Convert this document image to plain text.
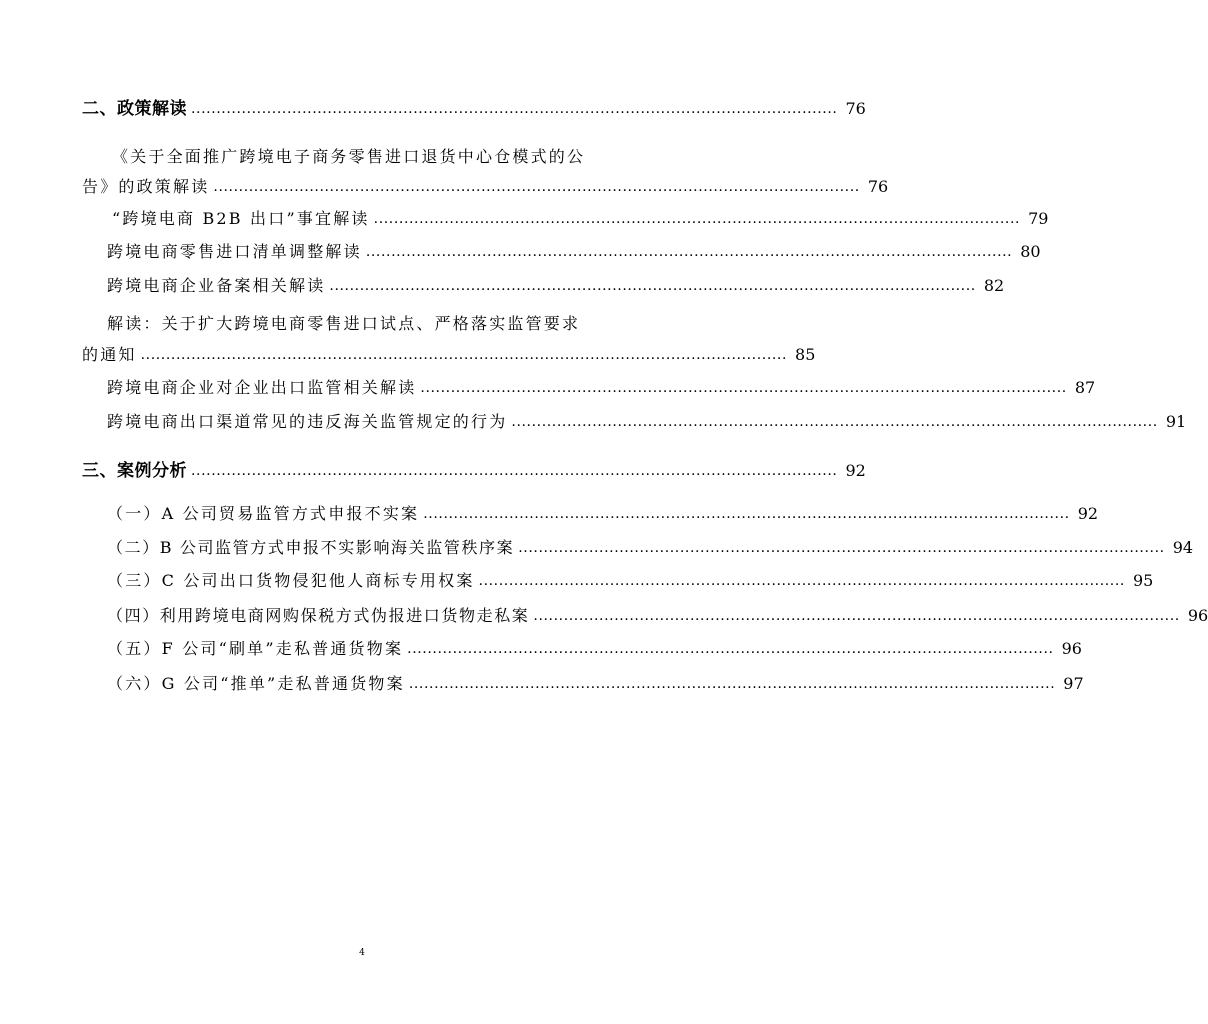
二、政策解读 ................................................................................................................................ 76
《关于全面推广跨境电子商务零售进口退货中心仓模式的公
告》的政策解读 ................................................................................................................................ 76
“跨境电商 B2B 出口”事宜解读 ................................................................................................................................ 79
跨境电商零售进口清单调整解读 ................................................................................................................................ 80
跨境电商企业备案相关解读 ................................................................................................................................ 82
解读：关于扩大跨境电商零售进口试点、严格落实监管要求
的通知 ................................................................................................................................ 85
跨境电商企业对企业出口监管相关解读 ................................................................................................................................ 87
跨境电商出口渠道常见的违反海关监管规定的行为 ................................................................................................................................ 91
三、案例分析 ................................................................................................................................ 92
（一）A 公司贸易监管方式申报不实案 ................................................................................................................................ 92
（二）B 公司监管方式申报不实影响海关监管秩序案 ................................................................................................................................ 94
（三）C 公司出口货物侵犯他人商标专用权案 ................................................................................................................................ 95
（四）利用跨境电商网购保税方式伪报进口货物走私案 ................................................................................................................................ 96
（五）F 公司“刷单”走私普通货物案 ................................................................................................................................ 96
（六）G 公司“推单”走私普通货物案 ................................................................................................................................ 97
4
